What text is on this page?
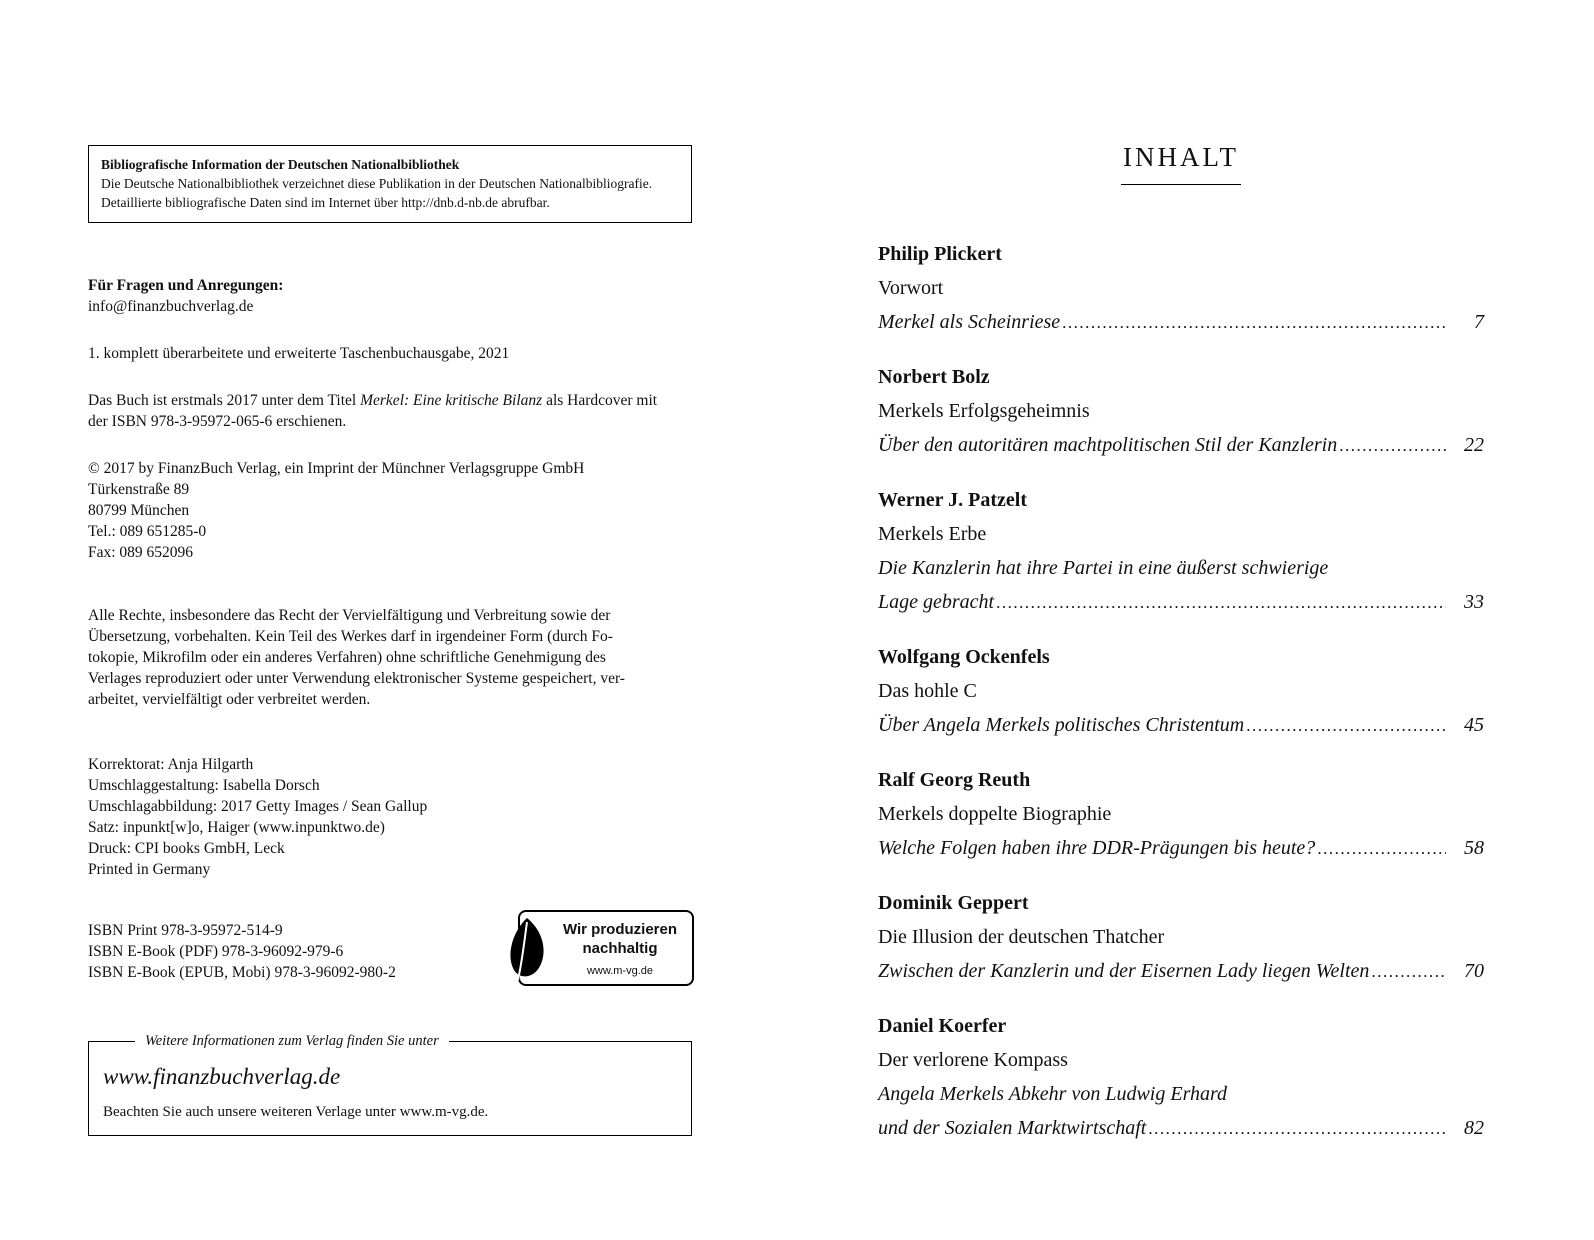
Bibliografische Information der Deutschen Nationalbibliothek
Die Deutsche Nationalbibliothek verzeichnet diese Publikation in der Deutschen Nationalbibliografie.
Detaillierte bibliografische Daten sind im Internet über http://dnb.d-nb.de abrufbar.
Für Fragen und Anregungen:
info@finanzbuchverlag.de
1. komplett überarbeitete und erweiterte Taschenbuchausgabe, 2021
Das Buch ist erstmals 2017 unter dem Titel Merkel: Eine kritische Bilanz als Hardcover mit
der ISBN 978-3-95972-065-6 erschienen.
© 2017 by FinanzBuch Verlag, ein Imprint der Münchner Verlagsgruppe GmbH
Türkenstraße 89
80799 München
Tel.: 089 651285-0
Fax: 089 652096
Alle Rechte, insbesondere das Recht der Vervielfältigung und Verbreitung sowie der
Übersetzung, vorbehalten. Kein Teil des Werkes darf in irgendeiner Form (durch Fo-
tokopie, Mikrofilm oder ein anderes Verfahren) ohne schriftliche Genehmigung des
Verlages reproduziert oder unter Verwendung elektronischer Systeme gespeichert, ver-
arbeitet, vervielfältigt oder verbreitet werden.
Korrektorat: Anja Hilgarth
Umschlaggestaltung: Isabella Dorsch
Umschlagabbildung: 2017 Getty Images / Sean Gallup
Satz: inpunkt[w]o, Haiger (www.inpunktwo.de)
Druck: CPI books GmbH, Leck
Printed in Germany
ISBN Print 978-3-95972-514-9
ISBN E-Book (PDF) 978-3-96092-979-6
ISBN E-Book (EPUB, Mobi) 978-3-96092-980-2
Wir produzieren
nachhaltig
www.m-vg.de
Weitere Informationen zum Verlag finden Sie unter
www.finanzbuchverlag.de
Beachten Sie auch unsere weiteren Verlage unter www.m-vg.de.
INHALT
Philip Plickert
Vorwort
Merkel als Scheinriese .....	7
Norbert Bolz
Merkels Erfolgsgeheimnis
Über den autoritären machtpolitischen Stil der Kanzlerin .....	22
Werner J. Patzelt
Merkels Erbe
Die Kanzlerin hat ihre Partei in eine äußerst schwierige
Lage gebracht .....	33
Wolfgang Ockenfels
Das hohle C
Über Angela Merkels politisches Christentum .....	45
Ralf Georg Reuth
Merkels doppelte Biographie
Welche Folgen haben ihre DDR-Prägungen bis heute? .....	58
Dominik Geppert
Die Illusion der deutschen Thatcher
Zwischen der Kanzlerin und der Eisernen Lady liegen Welten .....	70
Daniel Koerfer
Der verlorene Kompass
Angela Merkels Abkehr von Ludwig Erhard
und der Sozialen Marktwirtschaft .....	82
